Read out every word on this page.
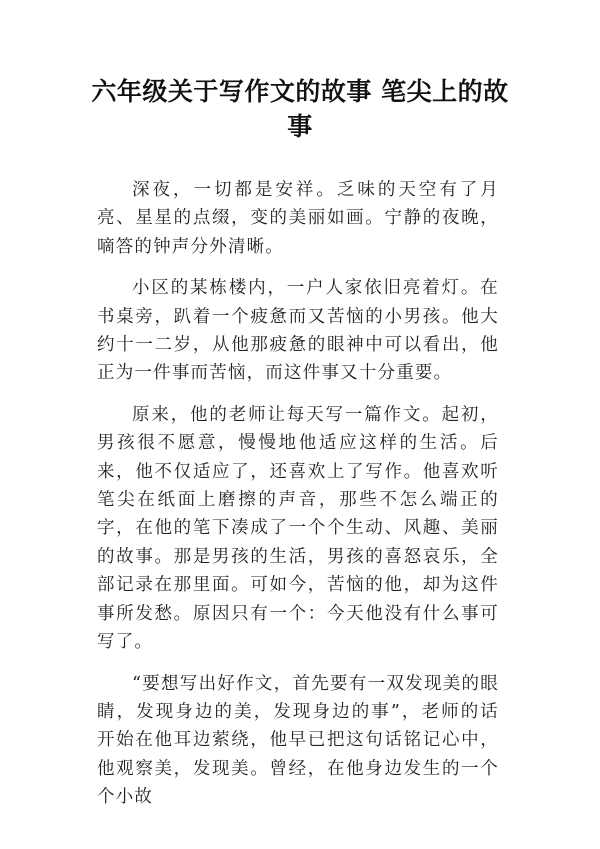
六年级关于写作文的故事 笔尖上的故事

深夜，一切都是安祥。乏味的天空有了月亮、星星的点缀，变的美丽如画。宁静的夜晚，嘀答的钟声分外清晰。

小区的某栋楼内，一户人家依旧亮着灯。在书桌旁，趴着一个疲惫而又苦恼的小男孩。他大约十一二岁，从他那疲惫的眼神中可以看出，他正为一件事而苦恼，而这件事又十分重要。

原来，他的老师让每天写一篇作文。起初，男孩很不愿意，慢慢地他适应这样的生活。后来，他不仅适应了，还喜欢上了写作。他喜欢听笔尖在纸面上磨擦的声音，那些不怎么端正的字，在他的笔下凑成了一个个生动、风趣、美丽的故事。那是男孩的生活，男孩的喜怒哀乐，全部记录在那里面。可如今，苦恼的他，却为这件事所发愁。原因只有一个：今天他没有什么事可写了。

“要想写出好作文，首先要有一双发现美的眼睛，发现身边的美，发现身边的事”，老师的话开始在他耳边萦绕，他早已把这句话铭记心中，他观察美，发现美。曾经，在他身边发生的一个个小故
